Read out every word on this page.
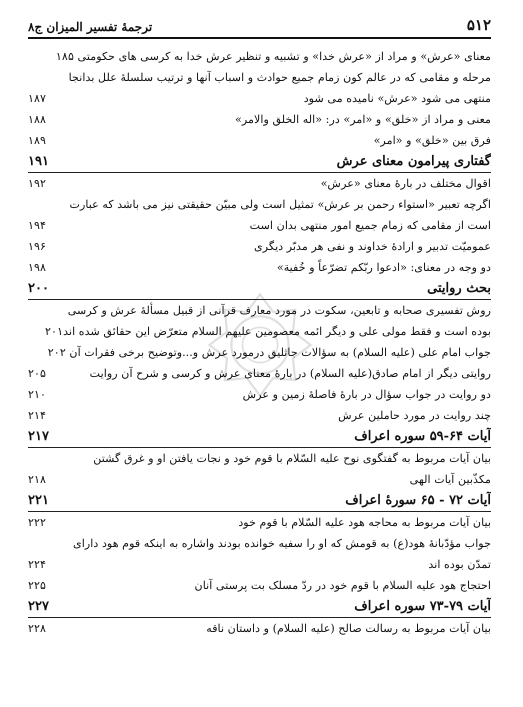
ترجمهٔ تفسیر المیزان ج۸	۵۱۲
معنای «عرش» و مراد از «عرش خدا» و تشبیه و تنظیر عرش خدا به کرسی های حکومتی ۱۸۵
مرحله و مقامی که در عالم کون زمام جمیع حوادث و اسباب آنها و ترتیب سلسلهٔ علل بدانجا
منتهی می شود «عرش» نامیده می شود
۱۸۷
معنی و مراد از «خلق» و «امر» در: «اله الخلق والامر»
۱۸۸
فرق بین «خلق» و «امر»
۱۸۹
گفتاری پیرامون معنای عرش
۱۹۱
اقوال مختلف در بارهٔ معنای «عرش»
۱۹۲
اگرچه تعبیر «استواء رحمن بر عرش» تمثیل است ولی مبیّن حقیقتی نیز می باشد که عبارت
است از مقامی که زمام جمیع امور منتهی بدان است
۱۹۴
عمومیّت تدبیر و ارادهٔ خداوند و نفی هر مدبّر دیگری
۱۹۶
دو وجه در معنای: «ادعوا ربّکم تضرّعاً و خُفیة»
۱۹۸
بحث روایتی
۲۰۰
روش تفسیری صحابه و تابعین، سکوت در مورد معارف قرآنی از قبیل مسألهٔ عرش و کرسی
بوده است و فقط مولی علی و دیگر ائمه معصومین علیهم السلام متعرّض این حقائق شده اند۲۰۱
جواب امام علی (علیه السلام) به سؤالات جاثلیق درمورد عرش و...وتوضیح برخی فقرات آن ۲۰۲
روایتی دیگر از امام صادق(علیه السلام) در بارهٔ معنای عرش و کرسی و شرح آن روایت
۲۰۵
دو روایت در جواب سؤال در بارهٔ فاصلهٔ زمین و عرش
۲۱۰
چند روایت در مورد حاملین عرش
۲۱۴
آیات ۶۴-۵۹ سوره اعراف
۲۱۷
بیان آیات مربوط به گفتگوی نوح علیه السّلام با قوم خود و نجات یافتن او و غرق گشتن
مکذّبین آیات الهی
۲۱۸
آیات ۷۲ - ۶۵ سورهٔ اعراف
۲۲۱
بیان آیات مربوط به محاجه هود علیه السّلام با قوم خود
۲۲۲
جواب مؤدّبانهٔ هود(ع) به قومش که او را سفیه خوانده بودند واشاره به اینکه قوم هود دارای
تمدّن بوده اند
۲۲۴
احتجاج هود علیه السلام با قوم خود در ردّ مسلک بت پرستی آنان
۲۲۵
آیات ۷۹-۷۳ سوره اعراف
۲۲۷
بیان آیات مربوط به رسالت صالح (علیه السلام) و داستان ناقه
۲۲۸
